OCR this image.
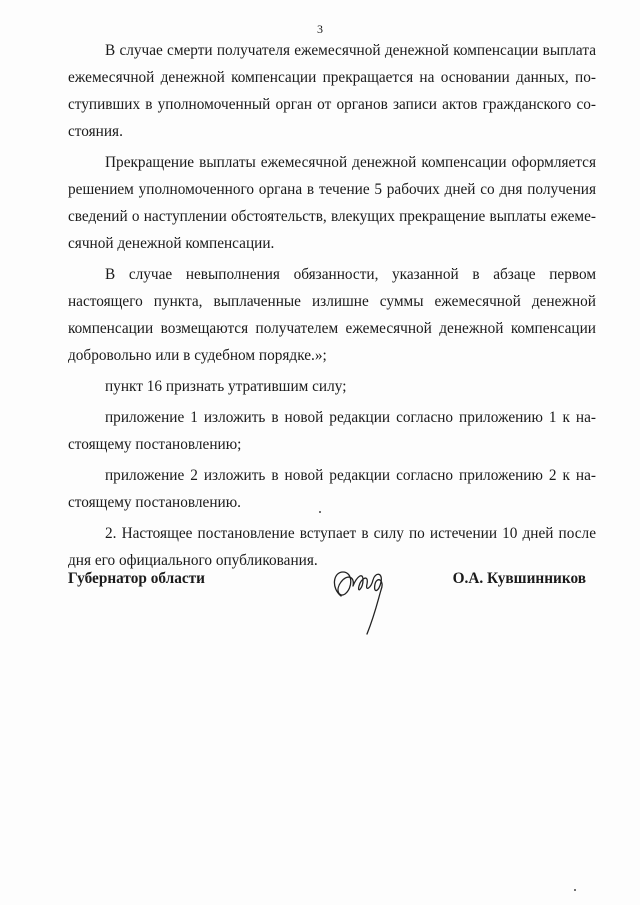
3

В случае смерти получателя ежемесячной денежной компенсации выплата ежемесячной денежной компенсации прекращается на основании данных, поступивших в уполномоченный орган от органов записи актов гражданского состояния.

Прекращение выплаты ежемесячной денежной компенсации оформляется решением уполномоченного органа в течение 5 рабочих дней со дня получения сведений о наступлении обстоятельств, влекущих прекращение выплаты ежемесячной денежной компенсации.

В случае невыполнения обязанности, указанной в абзаце первом настоящего пункта, выплаченные излишне суммы ежемесячной денежной компенсации возмещаются получателем ежемесячной денежной компенсации добровольно или в судебном порядке.»;

пункт 16 признать утратившим силу;

приложение 1 изложить в новой редакции согласно приложению 1 к настоящему постановлению;

приложение 2 изложить в новой редакции согласно приложению 2 к настоящему постановлению.

2. Настоящее постановление вступает в силу по истечении 10 дней после дня его официального опубликования.

Губернатор области	О.А. Кувшинников
